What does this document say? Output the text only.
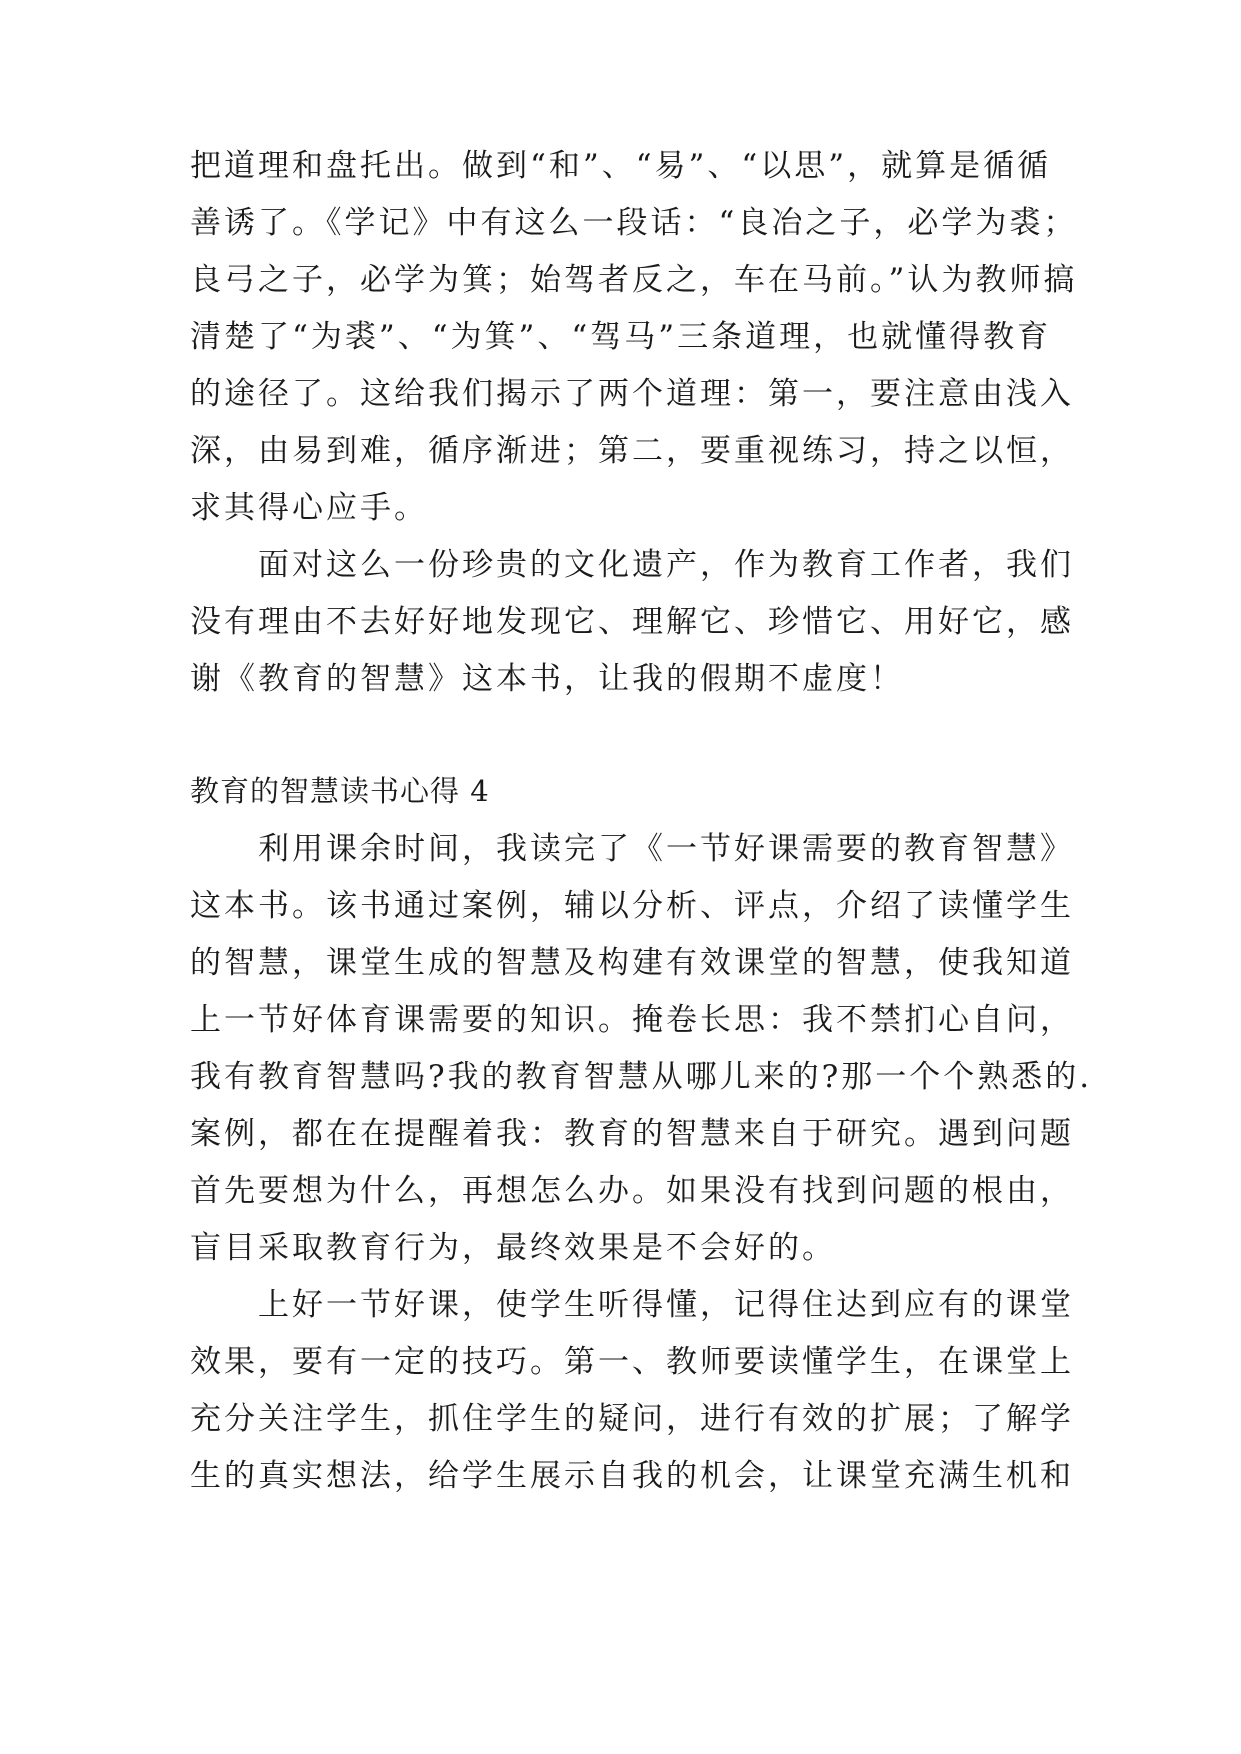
把道理和盘托出。做到“和”、“易”、“以思”，就算是循循
善诱了。《学记》中有这么一段话：“良冶之子，必学为裘；
良弓之子，必学为箕；始驾者反之，车在马前。”认为教师搞
清楚了“为裘”、“为箕”、“驾马”三条道理，也就懂得教育
的途径了。这给我们揭示了两个道理：第一，要注意由浅入
深，由易到难，循序渐进；第二，要重视练习，持之以恒，
求其得心应手。
　　面对这么一份珍贵的文化遗产，作为教育工作者，我们
没有理由不去好好地发现它、理解它、珍惜它、用好它，感
谢《教育的智慧》这本书，让我的假期不虚度！
教育的智慧读书心得 4
　　利用课余时间，我读完了《一节好课需要的教育智慧》
这本书。该书通过案例，辅以分析、评点，介绍了读懂学生
的智慧，课堂生成的智慧及构建有效课堂的智慧，使我知道
上一节好体育课需要的知识。掩卷长思：我不禁扪心自问，
我有教育智慧吗?我的教育智慧从哪儿来的?那一个个熟悉的.
案例，都在在提醒着我：教育的智慧来自于研究。遇到问题
首先要想为什么，再想怎么办。如果没有找到问题的根由，
盲目采取教育行为，最终效果是不会好的。
　　上好一节好课，使学生听得懂，记得住达到应有的课堂
效果，要有一定的技巧。第一、教师要读懂学生，在课堂上
充分关注学生，抓住学生的疑问，进行有效的扩展；了解学
生的真实想法，给学生展示自我的机会，让课堂充满生机和
